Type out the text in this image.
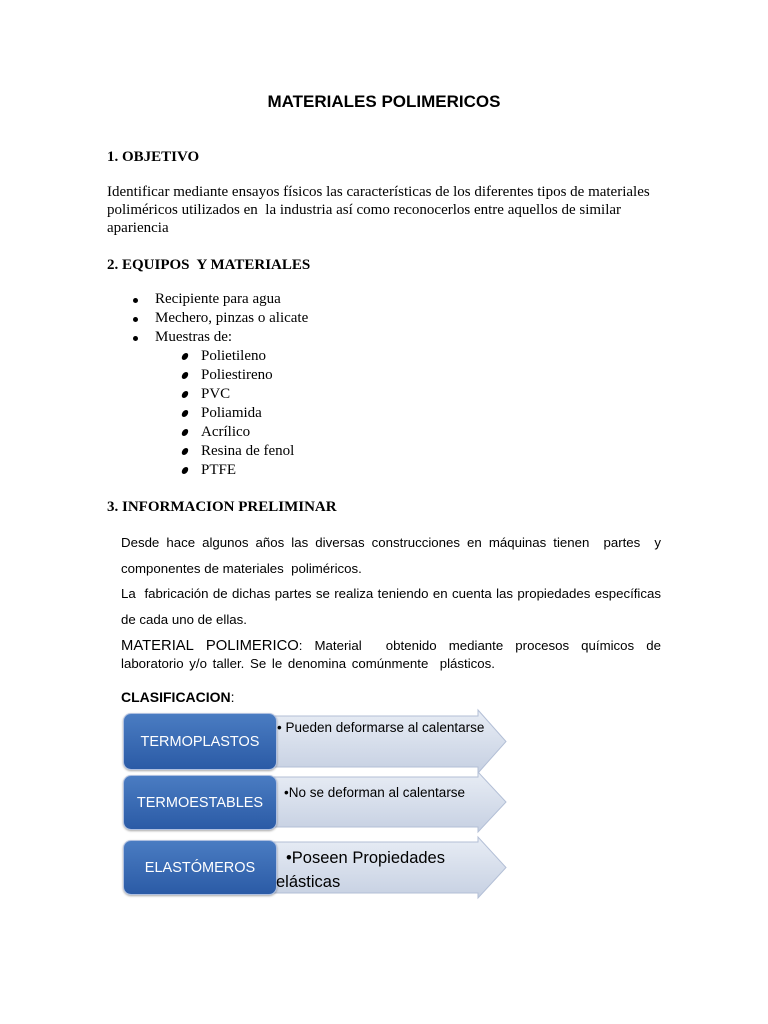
MATERIALES POLIMERICOS
1. OBJETIVO
Identificar mediante ensayos físicos las características de los diferentes tipos de materiales poliméricos utilizados en  la industria así como reconocerlos entre aquellos de similar apariencia
2. EQUIPOS  Y MATERIALES
Recipiente para agua
Mechero, pinzas o alicate
Muestras de:
Polietileno
Poliestireno
PVC
Poliamida
Acrílico
Resina de fenol
PTFE
3. INFORMACION PRELIMINAR

Desde hace algunos años las diversas construcciones en máquinas tienen  partes  y componentes de materiales  poliméricos.

La  fabricación de dichas partes se realiza teniendo en cuenta las propiedades específicas de cada uno de ellas.

MATERIAL POLIMERICO: Material  obtenido mediante procesos químicos de laboratorio y/o taller. Se le denomina comúnmente  plásticos.

CLASIFICACION:
TERMOPLASTOS
TERMOESTABLES
ELASTÓMEROS
• Pueden deformarse al calentarse
•No se deforman al calentarse
•Poseen Propiedades elásticas
